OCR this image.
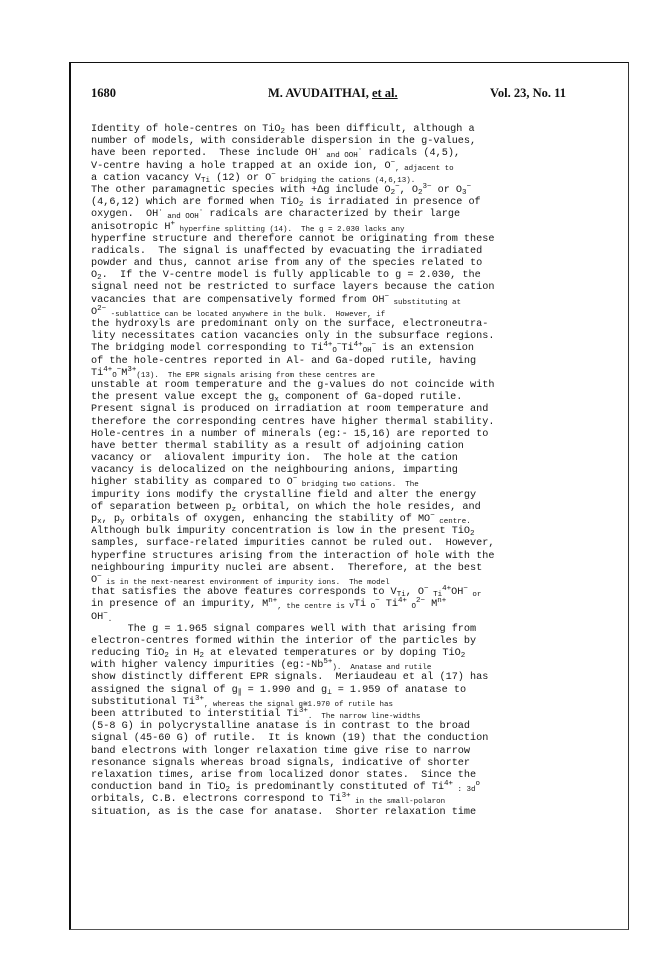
1680	M. AVUDAITHAI, et al.	Vol. 23, No. 11
Identity of hole-centres on TiO$_2$ has been difficult, although a
number of models, with considerable dispersion in the g-values,
have been reported.  These include OH· $_{and OOH}$· radicals (4,5),
V-centre having a hole trapped at an oxide ion, $O^-_{, adjacent to}$
a cation vacancy $V_{Ti}$ (12) or O− $_{bridging the cations (4,6,13).}$
The other paramagnetic species with +Δg include $O_2^-$, $O_2^{3-}$ or $O_3^-$
(4,6,12) which are formed when TiO$_2$ is irradiated in presence of
oxygen.  OH· $_{and OOH}$· radicals are characterized by their large
anisotropic H+ $_{hyperfine splitting (14). The g = 2.030 lacks any}$
hyperfine structure and therefore cannot be originating from these
radicals.  The signal is unaffected by evacuating the irradiated
powder and thus, cannot arise from any of the species related to
$O_2$.  If the V-centre model is fully applicable to g = 2.030, the
signal need not be restricted to surface layers because the cation
vacancies that are compensatively formed from OH− $_{substituting at}$
$O^{2-}$ $_{-sublattice can be located anywhere in the bulk. However, if}$
the hydroxyls are predominant only on the surface, electroneutra-
lity necessitates cation vacancies only in the subsurface regions.
The bridging model corresponding to $Ti^{4+}_O^-Ti^{4+}_{OH}^-$ is an extension
of the hole-centres reported in Al- and Ga-doped rutile, having
$Ti^{4+}_O^-M^{3+}_{(13). The EPR signals arising from these centres are}$
unstable at room temperature and the g-values do not coincide with
the present value except the $g_x$ component of Ga-doped rutile.
Present signal is produced on irradiation at room temperature and
therefore the corresponding centres have higher thermal stability.
Hole-centres in a number of minerals (eg:- 15,16) are reported to
have better thermal stability as a result of adjoining cation
vacancy or  aliovalent impurity ion.  The hole at the cation
vacancy is delocalized on the neighbouring anions, imparting
higher stability as compared to O− $_{bridging two cations. The}$
impurity ions modify the crystalline field and alter the energy
of separation between $p_z$ orbital, on which the hole resides, and
$p_x$, $p_y$ orbitals of oxygen, enhancing the stability of MO− $_{centre.}$
Although bulk impurity concentration is low in the present TiO$_2$
samples, surface-related impurities cannot be ruled out.  However,
hyperfine structures arising from the interaction of hole with the
neighbouring impurity nuclei are absent.  Therefore, at the best
O− $_{is in the next-nearest environment of impurity ions. The model}$
that satisfies the above features corresponds to $V_{Ti}$, O− $_{Ti}^{4+}$OH− $_{or}$
in presence of an impurity, $M^{n+}_{, the centre is V}Ti$ $_O$− $Ti^{4+}$ $_O^{2-}$ $M^{n+}$
$OH^-_.$
The g = 1.965 signal compares well with that arising from
electron-centres formed within the interior of the particles by
reducing TiO$_2$ in $H_2$ at elevated temperatures or by doping TiO$_2$
with higher valency impurities ($eg:-Nb^{5+}_{). Anatase and rutile}$
show distinctly different EPR signals.  Meriaudeau et al (17) has
assigned the signal of $g_\parallel = 1.990$ and $g_\perp = 1.959$ of anatase to
substitutional $Ti^{3+}_{, whereas the signal g≅1.970 of rutile has}$
been attributed to interstitial $Ti^{3+}_{. The narrow line-widths}$
(5-8 G) in polycrystalline anatase is in contrast to the broad
signal (45-60 G) of rutile.  It is known (19) that the conduction
band electrons with longer relaxation time give rise to narrow
resonance signals whereas broad signals, indicative of shorter
relaxation times, arise from localized donor states.  Since the
conduction band in TiO$_2$ is predominantly constituted of $Ti^{4+}$ $_{: 3d}^o$
orbitals, C.B. electrons correspond to $Ti^{3+}$ $_{in the small-polaron}$
situation, as is the case for anatase.  Shorter relaxation time
